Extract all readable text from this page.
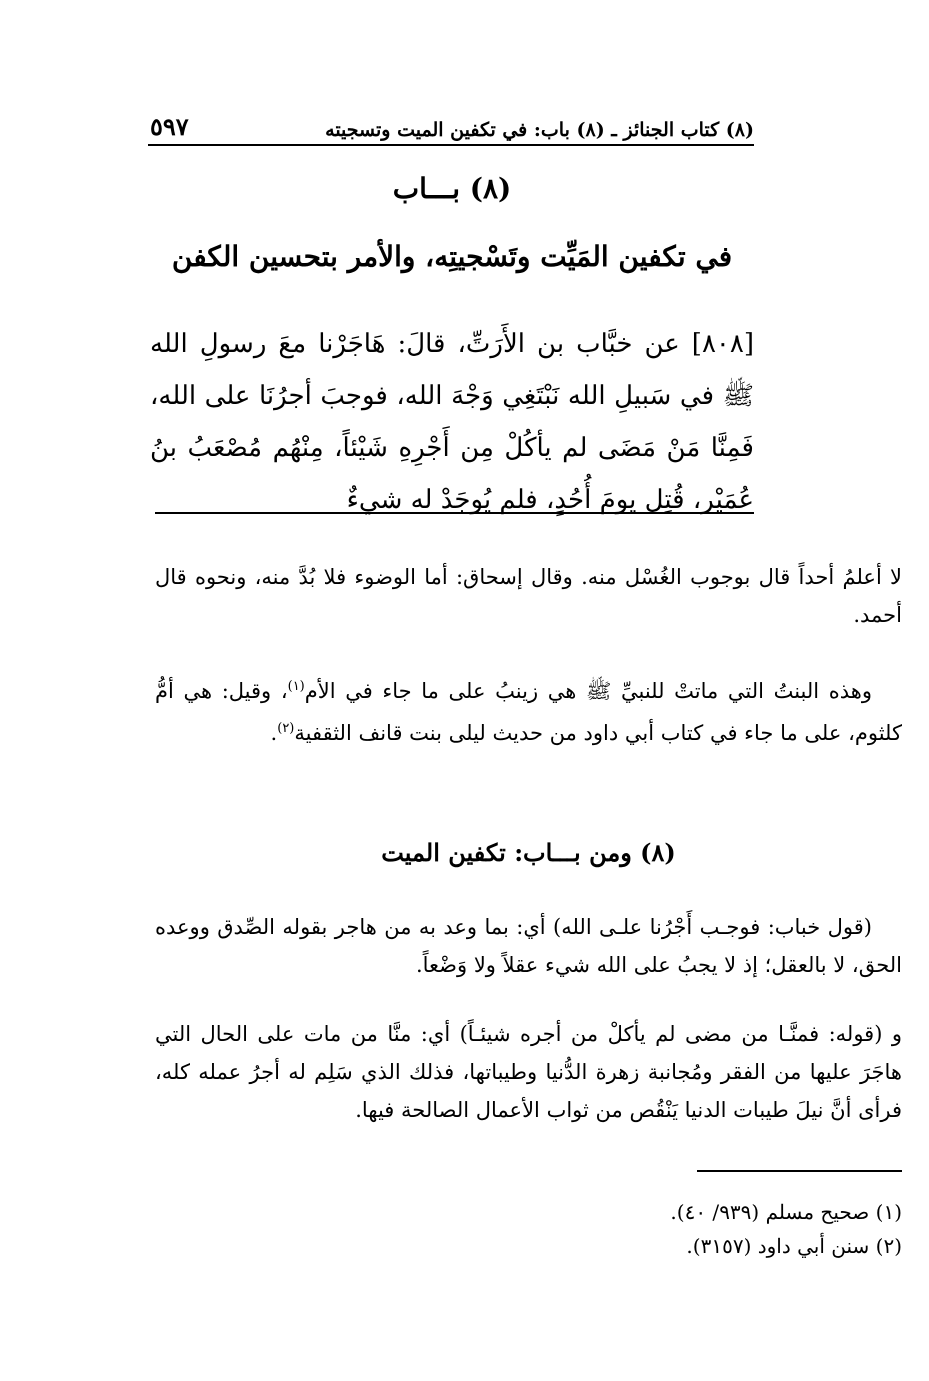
(٨) كتاب الجنائز ـ (٨) باب: في تكفين الميت وتسجيته
٥٩٧
(٨) بـــاب
في تكفين المَيِّت وتَسْجيتِه، والأمر بتحسين الكفن
[٨٠٨] عن خبَّاب بن الأَرَتِّ، قالَ: هَاجَرْنا معَ رسولِ الله ﷺ في سَبيلِ الله نَبْتَغِي وَجْهَ الله، فوجبَ أجرُنَا على الله، فَمِنَّا مَنْ مَضَى لم يأكُلْ مِن أَجْرِهِ شَيْئاً، مِنْهُم مُصْعَبُ بنُ عُمَيْر، قُتِل يومَ أُحُدٍ، فلم يُوجَدْ له شيءٌ
لا أعلمُ أحداً قال بوجوب الغُسْل منه. وقال إسحاق: أما الوضوء فلا بُدَّ منه، ونحوه قال أحمد.
وهذه البنتُ التي ماتتْ للنبيِّ ﷺ هي زينبُ على ما جاء في الأم$^{(١)}$، وقيل: هي أمُّ كلثوم، على ما جاء في كتاب أبي داود من حديث ليلى بنت قانف الثقفية$^{(٢)}$.
(٨) ومن بـــاب: تكفين الميت
(قول خباب: فوجـب أَجْرُنا علـى الله) أي: بما وعد به من هاجر بقوله الصِّدق ووعده الحق، لا بالعقل؛ إذ لا يجبُ على الله شيء عقلاً ولا وَضْعاً.
و (قوله: فمنَّـا من مضى لم يأكلْ من أجره شيئـاً) أي: منَّا من مات على الحال التي هاجَرَ عليها من الفقر ومُجانبة زهرة الدُّنيا وطيباتها، فذلك الذي سَلِم له أجرُ عمله كله، فرأى أنَّ نيلَ طيبات الدنيا يَنْقُص من ثواب الأعمال الصالحة فيها.
(١) صحيح مسلم (٩٣٩/ ٤٠).
(٢) سنن أبي داود (٣١٥٧).
